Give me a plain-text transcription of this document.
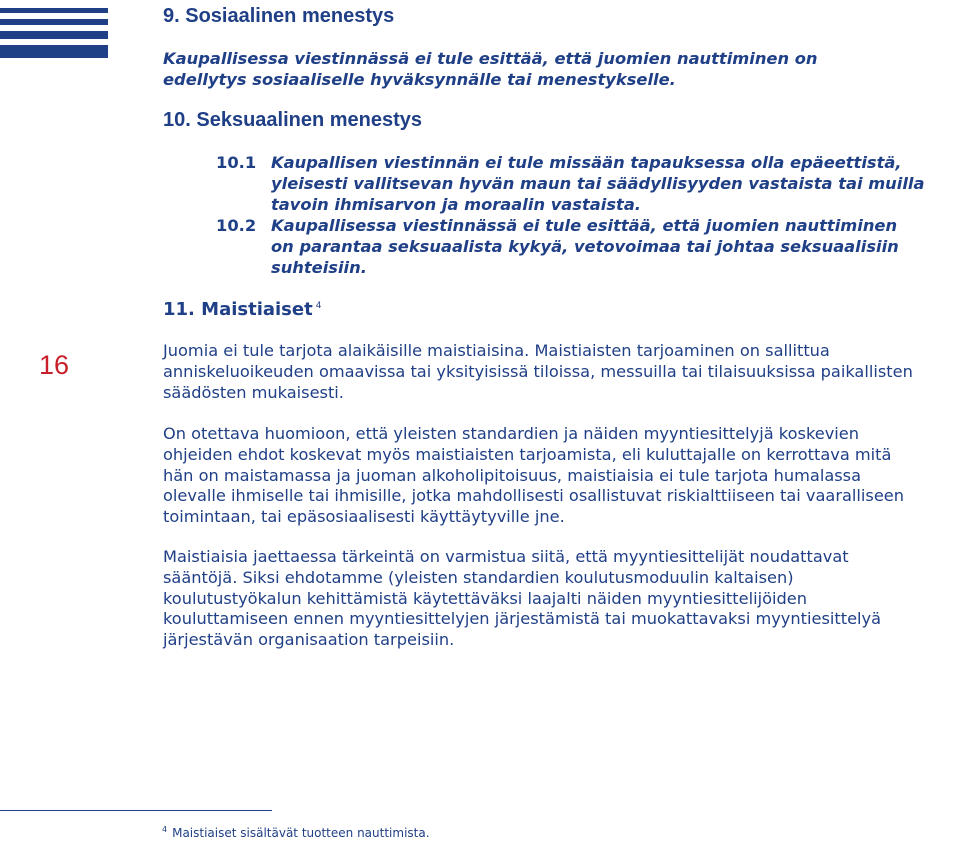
16
9. Sosiaalinen menestys

Kaupallisessa viestinnässä ei tule esittää, että juomien nauttiminen on

edellytys sosiaaliselle hyväksynnälle tai menestykselle.

10. Seksuaalinen menestys
10.1 Kaupallisen viestinnän ei tule missään tapauksessa olla epäeettistä,
yleisesti vallitsevan hyvän maun tai säädyllisyyden vastaista tai muilla
tavoin ihmisarvon ja moraalin vastaista.
10.2 Kaupallisessa viestinnässä ei tule esittää, että juomien nauttiminen
on parantaa seksuaalista kykyä, vetovoimaa tai johtaa seksuaalisiin
suhteisiin.
11. Maistiaiset $^4$

Juomia ei tule tarjota alaikäisille maistiaisina. Maistiaisten tarjoaminen on sallittua
anniskeluoikeuden omaavissa tai yksityisissä tiloissa, messuilla tai tilaisuuksissa paikallisten
säädösten mukaisesti.

On otettava huomioon, että yleisten standardien ja näiden myyntiesittelyjä koskevien
ohjeiden ehdot koskevat myös maistiaisten tarjoamista, eli kuluttajalle on kerrottava mitä
hän on maistamassa ja juoman alkoholipitoisuus, maistiaisia ei tule tarjota humalassa
olevalle ihmiselle tai ihmisille, jotka mahdollisesti osallistuvat riskialttiiseen tai vaaralliseen
toimintaan, tai epäsosiaalisesti käyttäytyville jne.

Maistiaisia jaettaessa tärkeintä on varmistua siitä, että myyntiesittelijät noudattavat
sääntöjä. Siksi ehdotamme (yleisten standardien koulutusmoduulin kaltaisen)
koulutustyökalun kehittämistä käytettäväksi laajalti näiden myyntiesittelijöiden
kouluttamiseen ennen myyntiesittelyjen järjestämistä tai muokattavaksi myyntiesittelyä
järjestävän organisaation tarpeisiin.

$^4$ Maistiaiset sisältävät tuotteen nauttimista.
